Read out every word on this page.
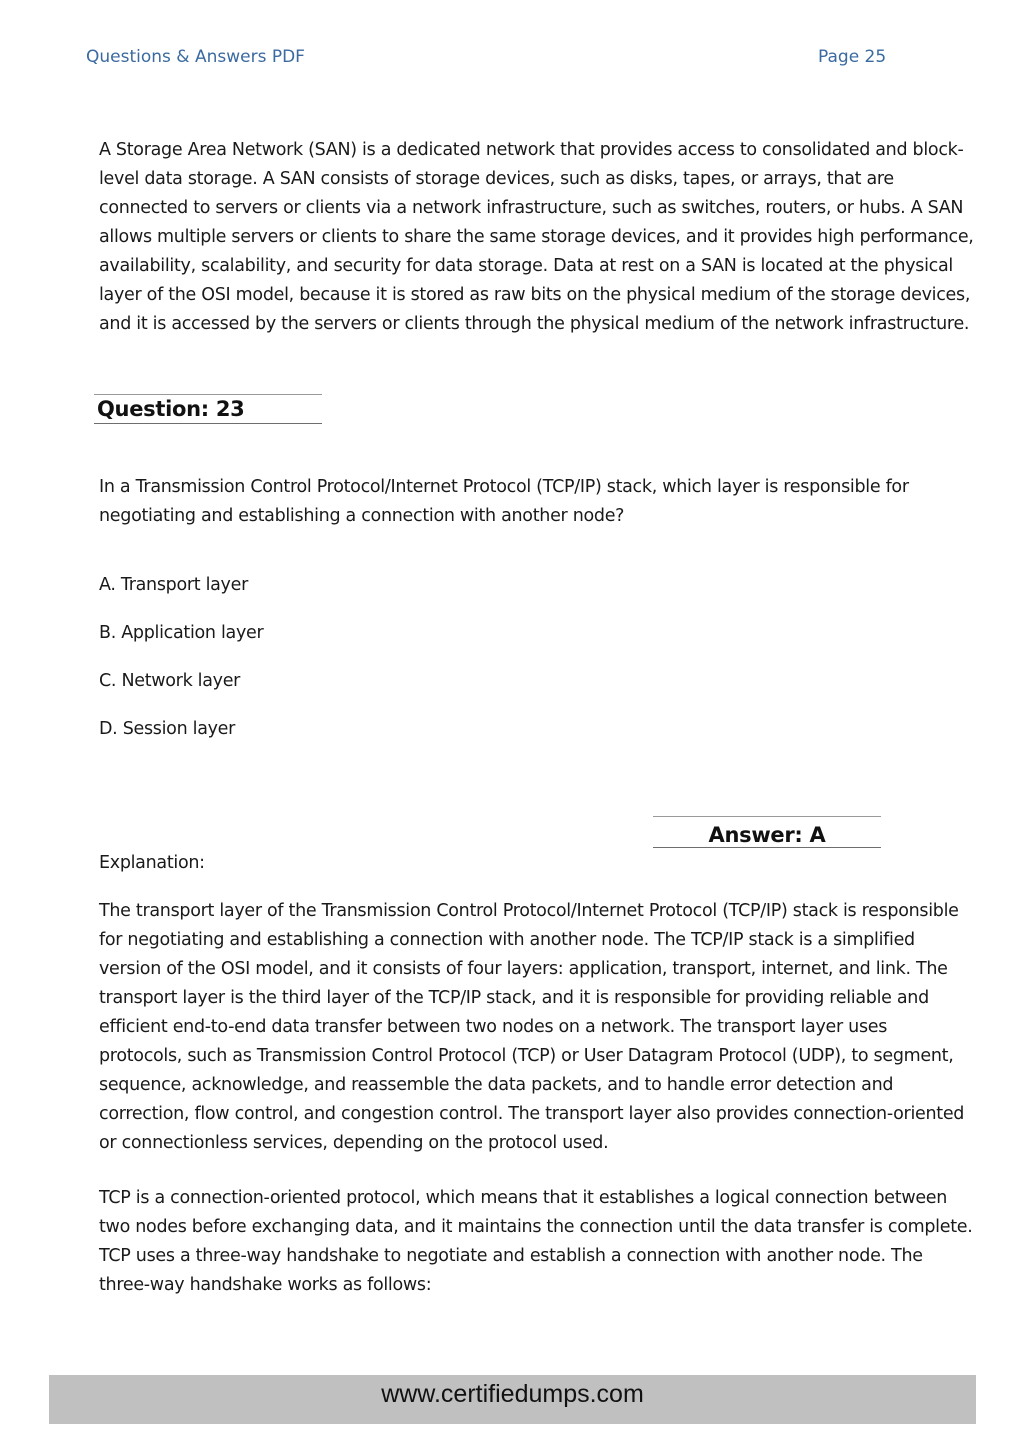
Questions & Answers PDF	Page 25
A Storage Area Network (SAN) is a dedicated network that provides access to consolidated and block-level data storage. A SAN consists of storage devices, such as disks, tapes, or arrays, that are connected to servers or clients via a network infrastructure, such as switches, routers, or hubs. A SAN allows multiple servers or clients to share the same storage devices, and it provides high performance, availability, scalability, and security for data storage. Data at rest on a SAN is located at the physical layer of the OSI model, because it is stored as raw bits on the physical medium of the storage devices, and it is accessed by the servers or clients through the physical medium of the network infrastructure.
Question: 23
In a Transmission Control Protocol/Internet Protocol (TCP/IP) stack, which layer is responsible for negotiating and establishing a connection with another node?
A. Transport layer
B. Application layer
C. Network layer
D. Session layer
Answer: A
Explanation:
The transport layer of the Transmission Control Protocol/Internet Protocol (TCP/IP) stack is responsible for negotiating and establishing a connection with another node. The TCP/IP stack is a simplified version of the OSI model, and it consists of four layers: application, transport, internet, and link. The transport layer is the third layer of the TCP/IP stack, and it is responsible for providing reliable and efficient end-to-end data transfer between two nodes on a network. The transport layer uses protocols, such as Transmission Control Protocol (TCP) or User Datagram Protocol (UDP), to segment, sequence, acknowledge, and reassemble the data packets, and to handle error detection and correction, flow control, and congestion control. The transport layer also provides connection-oriented or connectionless services, depending on the protocol used.
TCP is a connection-oriented protocol, which means that it establishes a logical connection between two nodes before exchanging data, and it maintains the connection until the data transfer is complete. TCP uses a three-way handshake to negotiate and establish a connection with another node. The three-way handshake works as follows:
www.certifiedumps.com
